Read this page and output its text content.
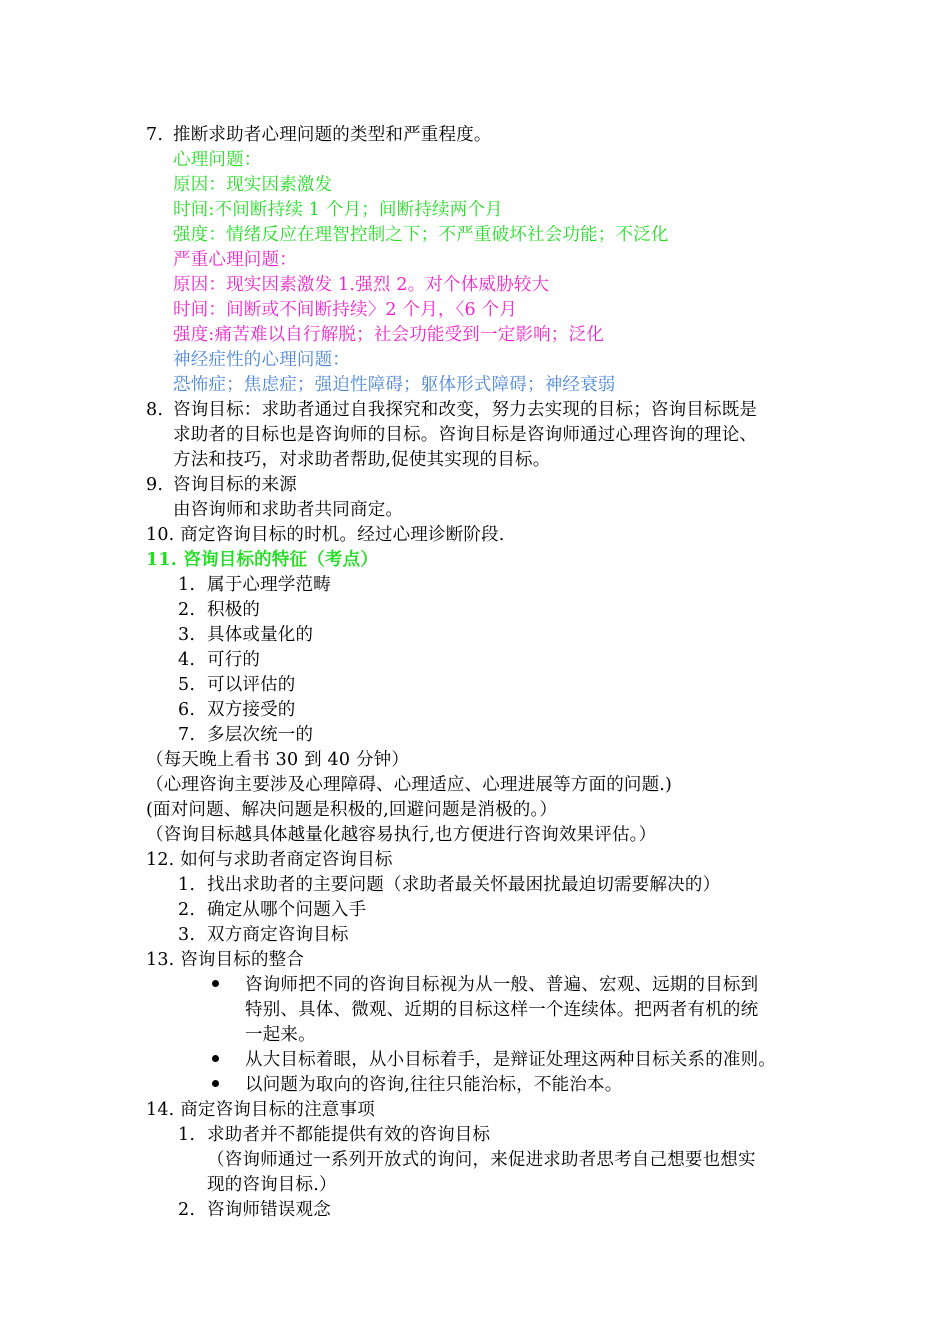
7. 推断求助者心理问题的类型和严重程度。
心理问题：
原因：现实因素激发
时间:不间断持续 1 个月；间断持续两个月
强度：情绪反应在理智控制之下；不严重破坏社会功能；不泛化
严重心理问题：
原因：现实因素激发 1.强烈 2。对个体威胁较大
时间：间断或不间断持续〉2 个月，〈6 个月
强度:痛苦难以自行解脱；社会功能受到一定影响；泛化
神经症性的心理问题：
恐怖症；焦虑症；强迫性障碍；躯体形式障碍；神经衰弱
8. 咨询目标：求助者通过自我探究和改变，努力去实现的目标；咨询目标既是
求助者的目标也是咨询师的目标。咨询目标是咨询师通过心理咨询的理论、
方法和技巧，对求助者帮助,促使其实现的目标。
9. 咨询目标的来源
由咨询师和求助者共同商定。
10. 商定咨询目标的时机。经过心理诊断阶段.
11. 咨询目标的特征（考点）
1. 属于心理学范畴
2. 积极的
3. 具体或量化的
4. 可行的
5. 可以评估的
6. 双方接受的
7. 多层次统一的
（每天晚上看书 30 到 40 分钟）
（心理咨询主要涉及心理障碍、心理适应、心理进展等方面的问题.)
(面对问题、解决问题是积极的,回避问题是消极的。）
（咨询目标越具体越量化越容易执行,也方便进行咨询效果评估。）
12. 如何与求助者商定咨询目标
1. 找出求助者的主要问题（求助者最关怀最困扰最迫切需要解决的）
2. 确定从哪个问题入手
3. 双方商定咨询目标
13. 咨询目标的整合
咨询师把不同的咨询目标视为从一般、普遍、宏观、远期的目标到
特别、具体、微观、近期的目标这样一个连续体。把两者有机的统
一起来。
从大目标着眼，从小目标着手，是辩证处理这两种目标关系的准则。
以问题为取向的咨询,往往只能治标，不能治本。
14. 商定咨询目标的注意事项
1. 求助者并不都能提供有效的咨询目标
（咨询师通过一系列开放式的询问，来促进求助者思考自己想要也想实
现的咨询目标.）
2. 咨询师错误观念
